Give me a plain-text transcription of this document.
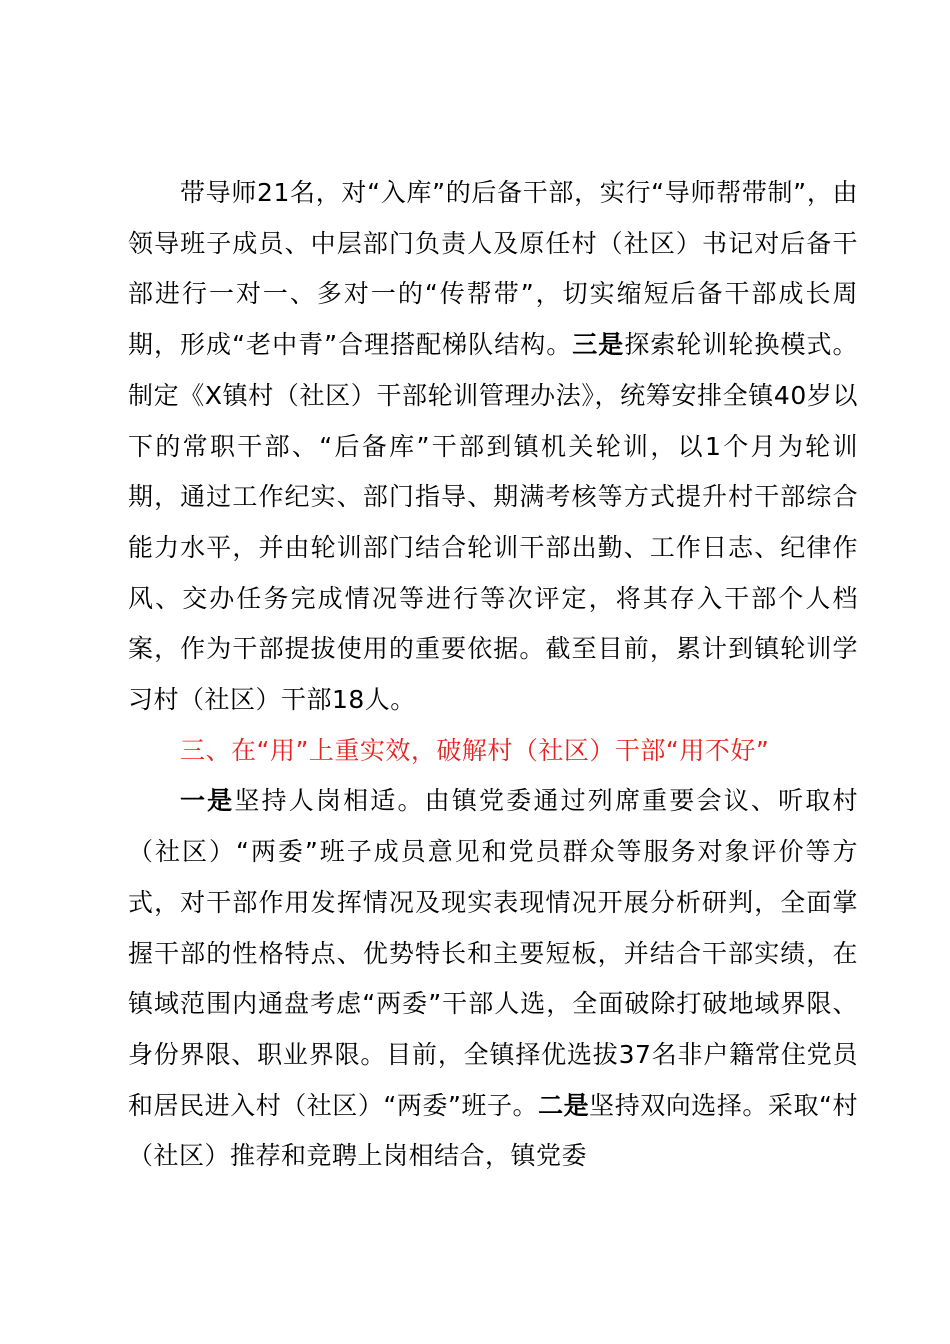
带导师21名，对“入库”的后备干部，实行“导师帮带制”，由领导班子成员、中层部门负责人及原任村（社区）书记对后备干部进行一对一、多对一的“传帮带”，切实缩短后备干部成长周期，形成“老中青”合理搭配梯队结构。三是探索轮训轮换模式。制定《X镇村（社区）干部轮训管理办法》，统筹安排全镇40岁以下的常职干部、“后备库”干部到镇机关轮训，以1个月为轮训期，通过工作纪实、部门指导、期满考核等方式提升村干部综合能力水平，并由轮训部门结合轮训干部出勤、工作日志、纪律作风、交办任务完成情况等进行等次评定，将其存入干部个人档案，作为干部提拔使用的重要依据。截至目前，累计到镇轮训学习村（社区）干部18人。

三、在“用”上重实效，破解村（社区）干部“用不好”

一是坚持人岗相适。由镇党委通过列席重要会议、听取村（社区）“两委”班子成员意见和党员群众等服务对象评价等方式，对干部作用发挥情况及现实表现情况开展分析研判，全面掌握干部的性格特点、优势特长和主要短板，并结合干部实绩，在镇域范围内通盘考虑“两委”干部人选，全面破除打破地域界限、身份界限、职业界限。目前，全镇择优选拔37名非户籍常住党员和居民进入村（社区）“两委”班子。二是坚持双向选择。采取“村（社区）推荐和竞聘上岗相结合，镇党委
